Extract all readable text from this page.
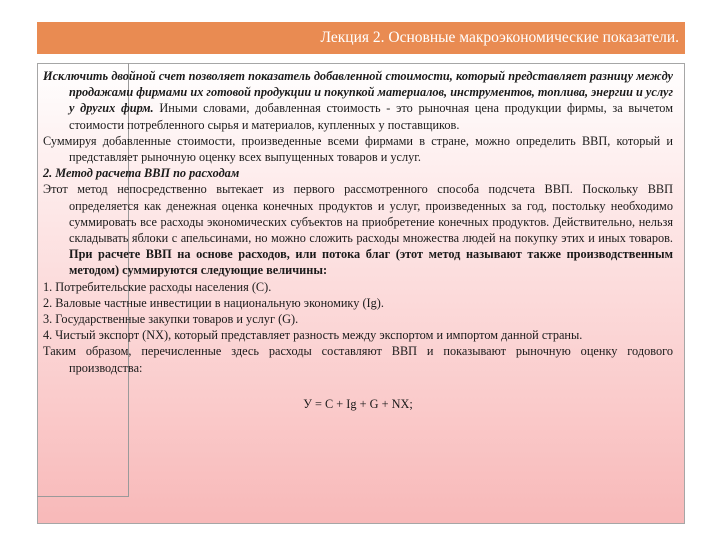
Лекция 2. Основные макроэкономические показатели.

Исключить двойной счет позволяет показатель добавленной стоимости, который представляет разницу между продажами фирмами их готовой продукции и покупкой материалов, инструментов, топлива, энергии и услуг у других фирм. Иными словами, добавленная стоимость - это рыночная цена продукции фирмы, за вычетом стоимости потребленного сырья и материалов, купленных у поставщиков.

Суммируя добавленные стоимости, произведенные всеми фирмами в стране, можно определить ВВП, который и представляет рыночную оценку всех выпущенных товаров и услуг.

2. Метод расчета ВВП по расходам

Этот метод непосредственно вытекает из первого рассмотренного способа подсчета ВВП. Поскольку ВВП определяется как денежная оценка конечных продуктов и услуг, произведенных за год, постольку необходимо суммировать все расходы экономических субъектов на приобретение конечных продуктов. Действительно, нельзя складывать яблоки с апельсинами, но можно сложить расходы множества людей на покупку этих и иных товаров. При расчете ВВП на основе расходов, или потока благ (этот метод называют также производственным методом) суммируются следующие величины:

1. Потребительские расходы населения (С).

2. Валовые частные инвестиции в национальную экономику (Ig).

3. Государственные закупки товаров и услуг (G).

4. Чистый экспорт (NX), который представляет разность между экспортом и импортом данной страны.

Таким образом, перечисленные здесь расходы составляют ВВП и показывают рыночную оценку годового производства:

У = С + Ig + G + NX;
